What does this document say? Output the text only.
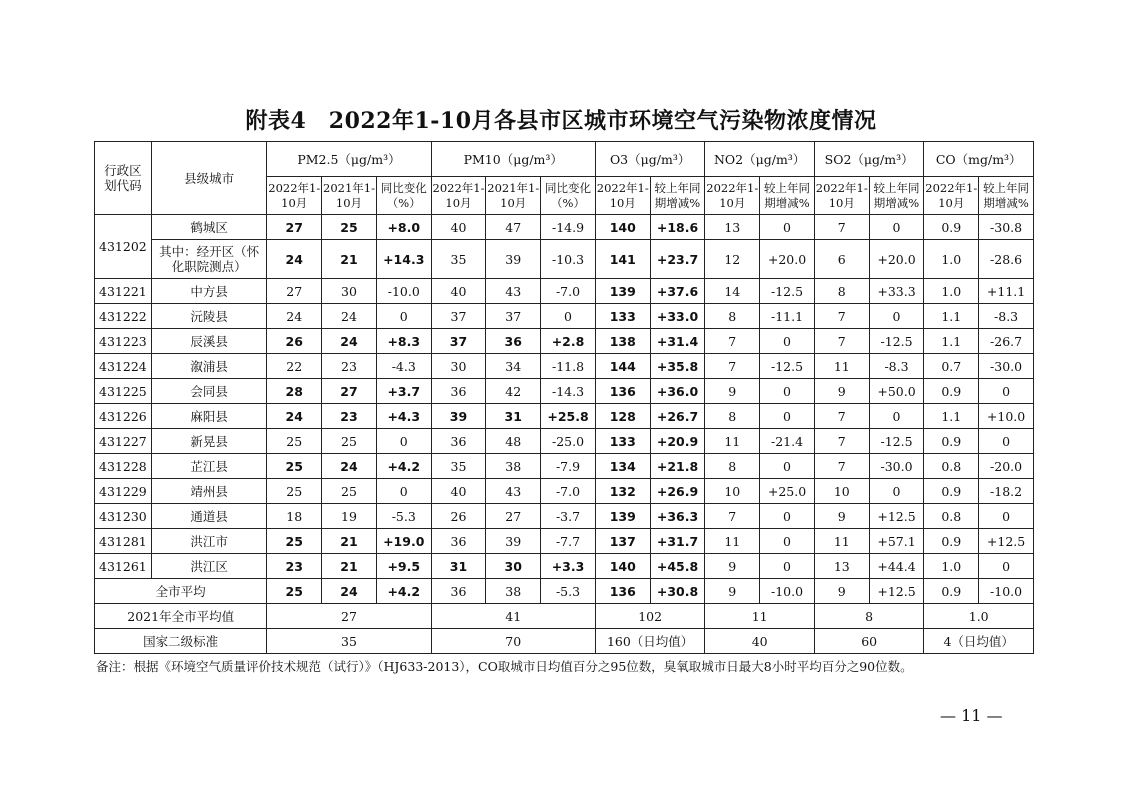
附表4　2022年1-10月各县市区城市环境空气污染物浓度情况
行政区划代码	县级城市	PM2.5（μg/m³）			PM10（μg/m³）			O3（μg/m³）		NO2（μg/m³）		SO2（μg/m³）		CO（mg/m³）	
		2022年1-10月	2021年1-10月	同比变化（%）	2022年1-10月	2021年1-10月	同比变化（%）	2022年1-10月	较上年同期增减%	2022年1-10月	较上年同期增减%	2022年1-10月	较上年同期增减%	2022年1-10月	较上年同期增减%
431202	鹤城区	27	25	+8.0	40	47	-14.9	140	+18.6	13	0	7	0	0.9	-30.8
	其中：经开区（怀化职院测点）	24	21	+14.3	35	39	-10.3	141	+23.7	12	+20.0	6	+20.0	1.0	-28.6
431221	中方县	27	30	-10.0	40	43	-7.0	139	+37.6	14	-12.5	8	+33.3	1.0	+11.1
431222	沅陵县	24	24	0	37	37	0	133	+33.0	8	-11.1	7	0	1.1	-8.3
431223	辰溪县	26	24	+8.3	37	36	+2.8	138	+31.4	7	0	7	-12.5	1.1	-26.7
431224	溆浦县	22	23	-4.3	30	34	-11.8	144	+35.8	7	-12.5	11	-8.3	0.7	-30.0
431225	会同县	28	27	+3.7	36	42	-14.3	136	+36.0	9	0	9	+50.0	0.9	0
431226	麻阳县	24	23	+4.3	39	31	+25.8	128	+26.7	8	0	7	0	1.1	+10.0
431227	新晃县	25	25	0	36	48	-25.0	133	+20.9	11	-21.4	7	-12.5	0.9	0
431228	芷江县	25	24	+4.2	35	38	-7.9	134	+21.8	8	0	7	-30.0	0.8	-20.0
431229	靖州县	25	25	0	40	43	-7.0	132	+26.9	10	+25.0	10	0	0.9	-18.2
431230	通道县	18	19	-5.3	26	27	-3.7	139	+36.3	7	0	9	+12.5	0.8	0
431281	洪江市	25	21	+19.0	36	39	-7.7	137	+31.7	11	0	11	+57.1	0.9	+12.5
431261	洪江区	23	21	+9.5	31	30	+3.3	140	+45.8	9	0	13	+44.4	1.0	0
全市平均		25	24	+4.2	36	38	-5.3	136	+30.8	9	-10.0	9	+12.5	0.9	-10.0
2021年全市平均值		27			41			102		11		8		1.0	
国家二级标准		35			70			160（日均值）		40		60		4（日均值）	
备注：根据《环境空气质量评价技术规范（试行）》（HJ633-2013），CO取城市日均值百分之95位数，臭氧取城市日最大8小时平均百分之90位数。
— 11 —
